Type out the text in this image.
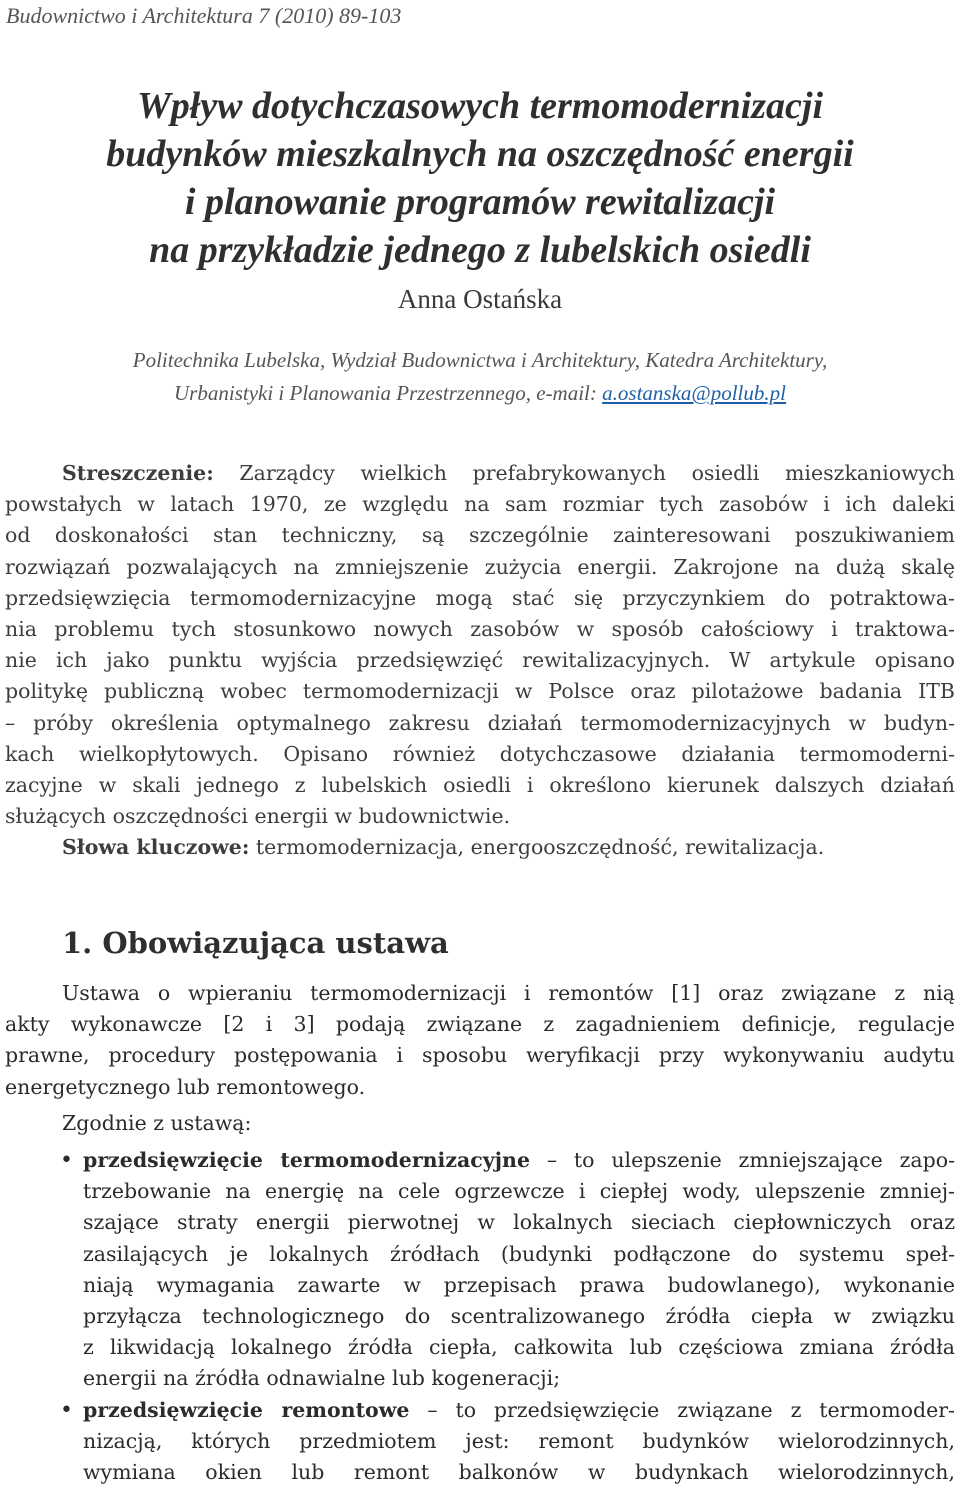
Budownictwo i Architektura 7 (2010) 89-103
Wpływ dotychczasowych termomodernizacji
budynków mieszkalnych na oszczędność energii
i planowanie programów rewitalizacji
na przykładzie jednego z lubelskich osiedli
Anna Ostańska
Politechnika Lubelska, Wydział Budownictwa i Architektury, Katedra Architektury,
Urbanistyki i Planowania Przestrzennego, e-mail: a.ostanska@pollub.pl
Streszczenie: Zarządcy wielkich prefabrykowanych osiedli mieszkaniowych
powstałych w latach 1970, ze względu na sam rozmiar tych zasobów i ich daleki
od doskonałości stan techniczny, są szczególnie zainteresowani poszukiwaniem
rozwiązań pozwalających na zmniejszenie zużycia energii. Zakrojone na dużą skalę
przedsięwzięcia termomodernizacyjne mogą stać się przyczynkiem do potraktowa-
nia problemu tych stosunkowo nowych zasobów w sposób całościowy i traktowa-
nie ich jako punktu wyjścia przedsięwzięć rewitalizacyjnych. W artykule opisano
politykę publiczną wobec termomodernizacji w Polsce oraz pilotażowe badania ITB
– próby określenia optymalnego zakresu działań termomodernizacyjnych w budyn-
kach wielkopłytowych. Opisano również dotychczasowe działania termomoderni-
zacyjne w skali jednego z lubelskich osiedli i określono kierunek dalszych działań
służących oszczędności energii w budownictwie.
Słowa kluczowe: termomodernizacja, energooszczędność, rewitalizacja.
1. Obowiązująca ustawa
Ustawa o wpieraniu termomodernizacji i remontów [1] oraz związane z nią
akty wykonawcze [2 i 3] podają związane z zagadnieniem definicje, regulacje
prawne, procedury postępowania i sposobu weryfikacji przy wykonywaniu audytu
energetycznego lub remontowego.
Zgodnie z ustawą:
• przedsięwzięcie termomodernizacyjne – to ulepszenie zmniejszające zapo-
trzebowanie na energię na cele ogrzewcze i ciepłej wody, ulepszenie zmniej-
szające straty energii pierwotnej w lokalnych sieciach ciepłowniczych oraz
zasilających je lokalnych źródłach (budynki podłączone do systemu speł-
niają wymagania zawarte w przepisach prawa budowlanego), wykonanie
przyłącza technologicznego do scentralizowanego źródła ciepła w związku
z likwidacją lokalnego źródła ciepła, całkowita lub częściowa zmiana źródła
energii na źródła odnawialne lub kogeneracji;
• przedsięwzięcie remontowe – to przedsięwzięcie związane z termomoder-
nizacją, których przedmiotem jest: remont budynków wielorodzinnych,
wymiana okien lub remont balkonów w budynkach wielorodzinnych,
